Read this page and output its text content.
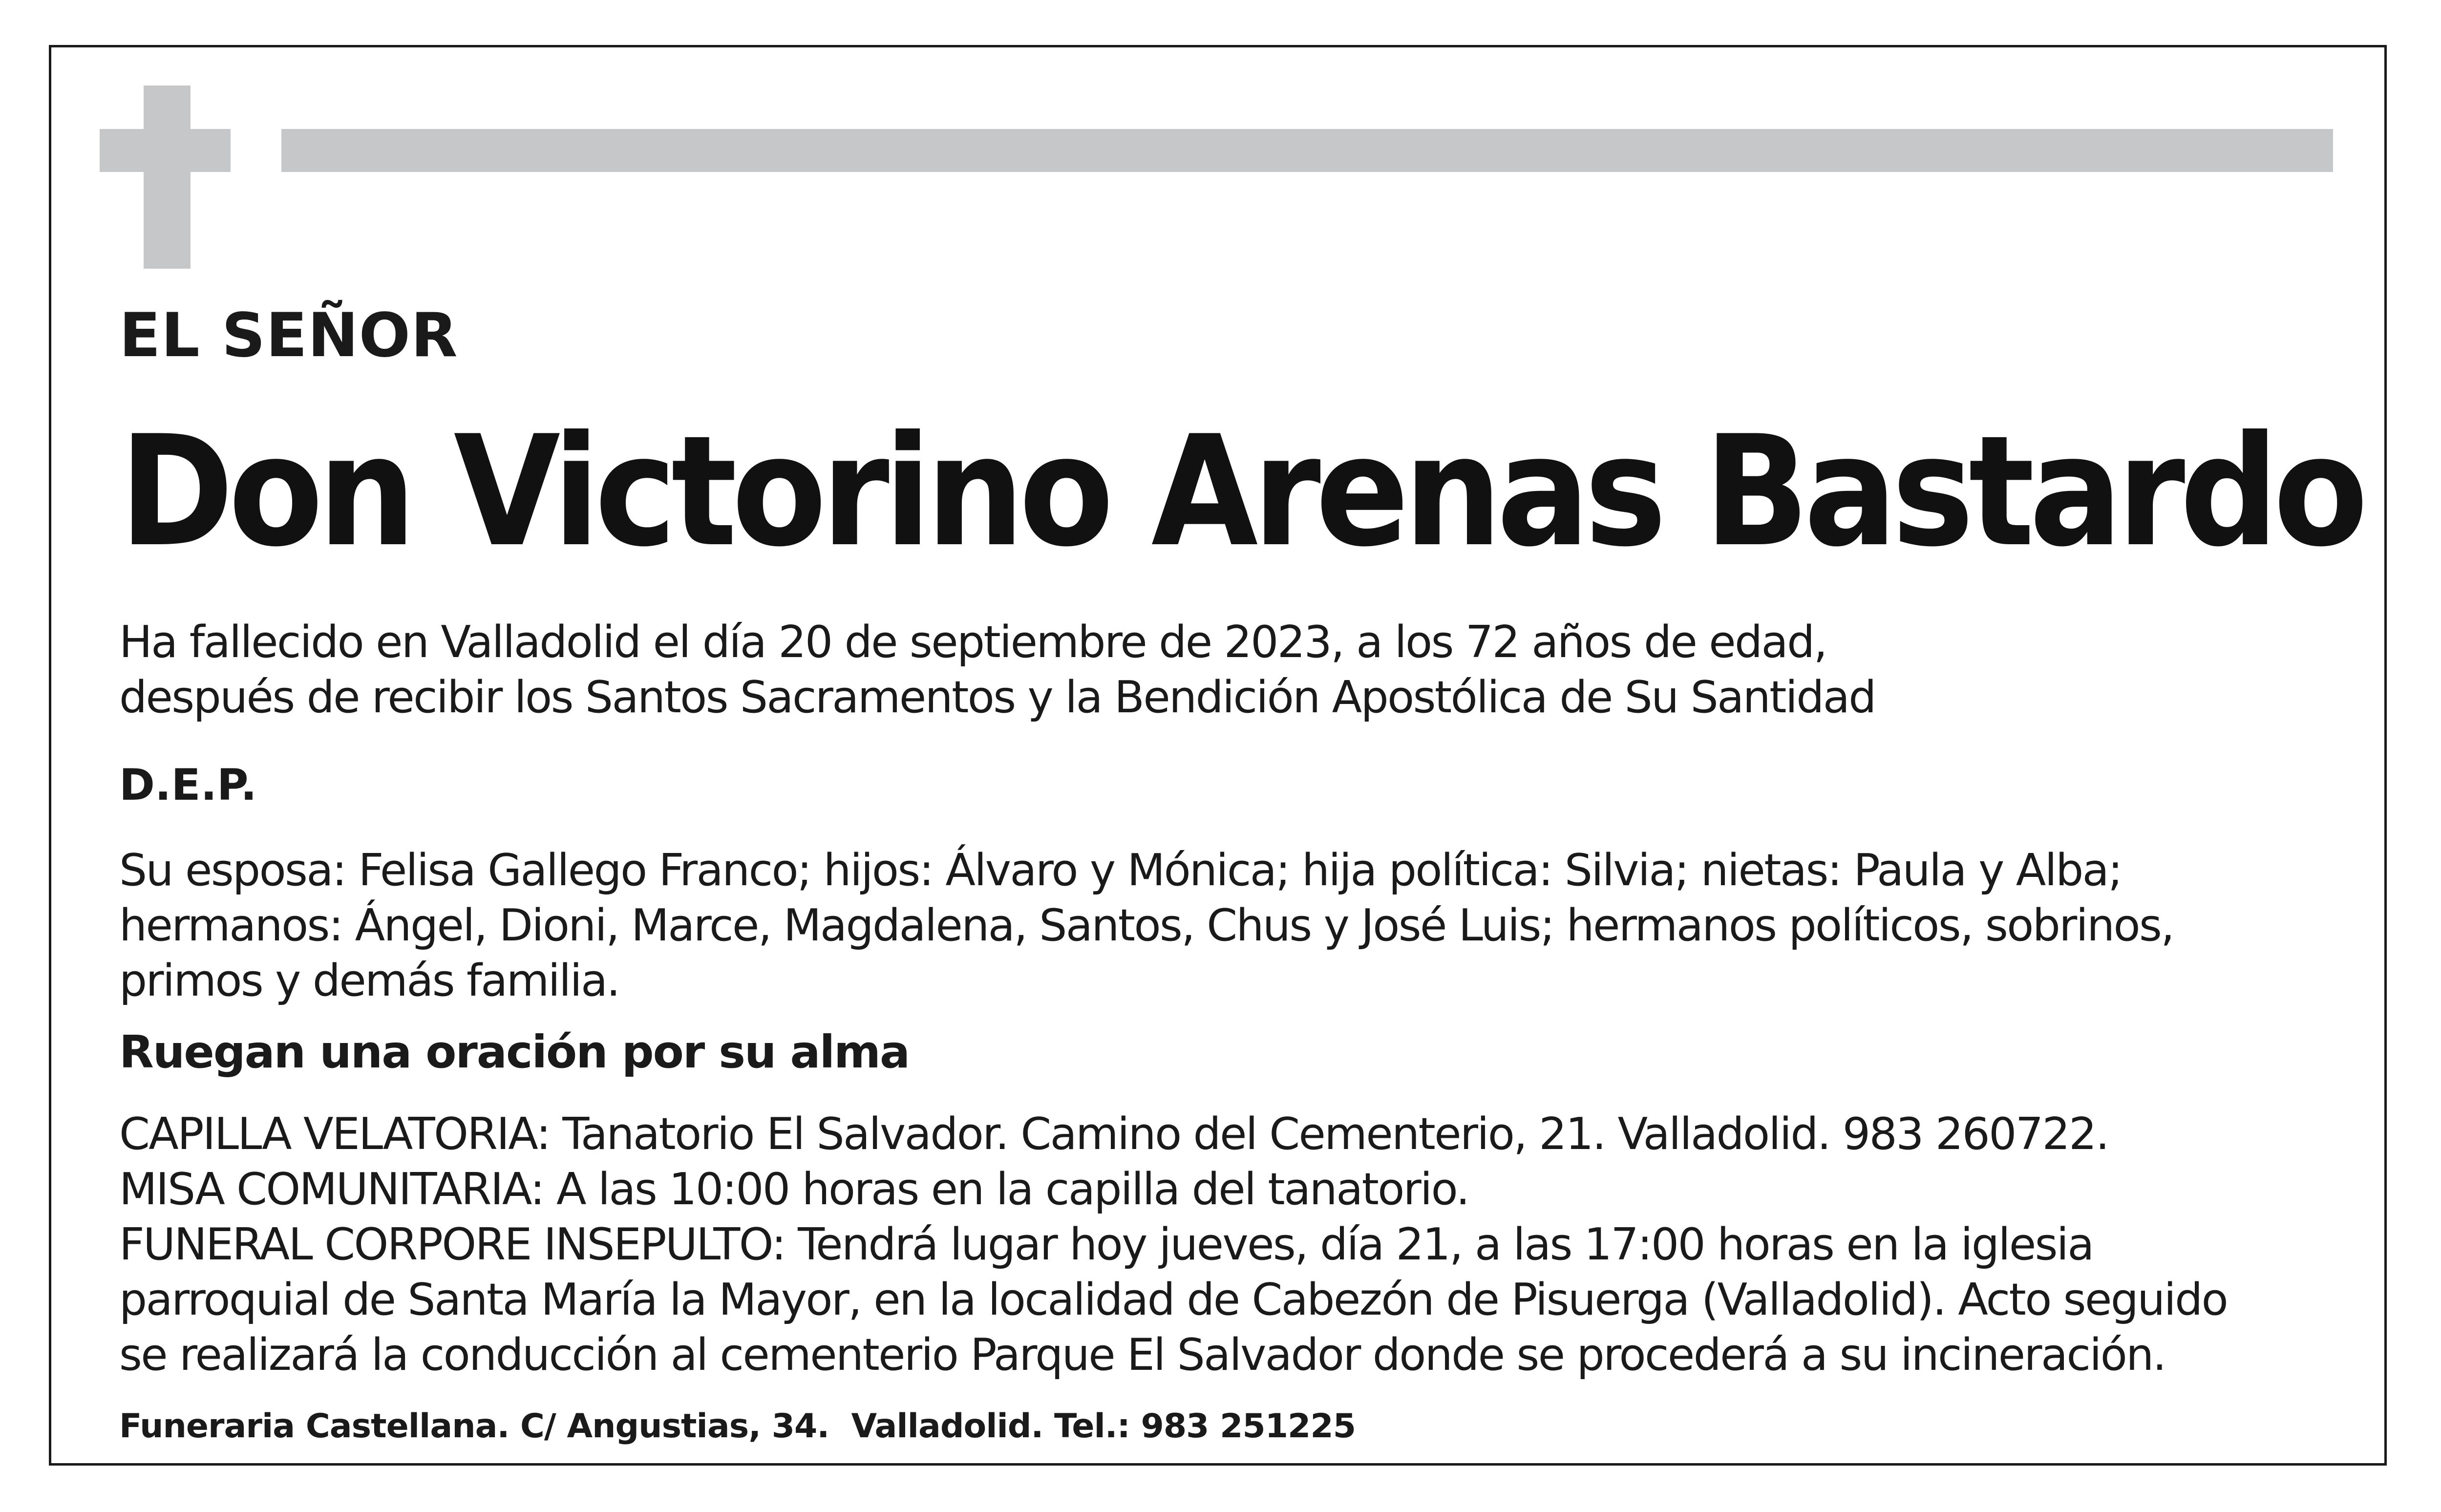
EL SEÑOR
Don Victorino Arenas Bastardo

Ha fallecido en Valladolid el día 20 de septiembre de 2023, a los 72 años de edad,
después de recibir los Santos Sacramentos y la Bendición Apostólica de Su Santidad

D.E.P.

Su esposa: Felisa Gallego Franco; hijos: Álvaro y Mónica; hija política: Silvia; nietas: Paula y Alba;
hermanos: Ángel, Dioni, Marce, Magdalena, Santos, Chus y José Luis; hermanos políticos, sobrinos,
primos y demás familia.

Ruegan una oración por su alma

CAPILLA VELATORIA: Tanatorio El Salvador. Camino del Cementerio, 21. Valladolid. 983 260722.
MISA COMUNITARIA: A las 10:00 horas en la capilla del tanatorio.
FUNERAL CORPORE INSEPULTO: Tendrá lugar hoy jueves, día 21, a las 17:00 horas en la iglesia
parroquial de Santa María la Mayor, en la localidad de Cabezón de Pisuerga (Valladolid). Acto seguido
se realizará la conducción al cementerio Parque El Salvador donde se procederá a su incineración.

Funeraria Castellana. C/ Angustias, 34.  Valladolid. Tel.: 983 251225
